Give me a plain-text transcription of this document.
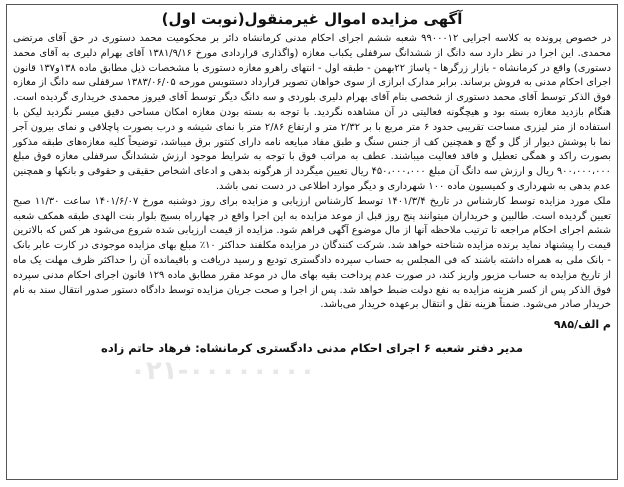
آگهی مزایده اموال غیرمنقول(نوبت اول)
در خصوص پرونده به کلاسه اجرایی ۹۹۰۰۰۱۲ شعبه ششم اجرای احکام مدنی کرمانشاه دائر بر محکومیت محمد دستوری در حق آقای مرتضی محمدی. این اجرا در نظر دارد سه دانگ از ششدانگ سرقفلی یکباب مغازه (واگذاری قراردادی مورخ ۱۳۸۱/۹/۱۶ آقای بهرام دلیری به آقای محمد دستوری) واقع در کرمانشاه - بازار زرگرها - پاساژ ۲۲بهمن - طبقه اول - انتهای راهرو مغازه دستوری با مشخصات ذیل مطابق ماده ۱۳۸و۱۳۷ قانون اجرای احکام مدنی به فروش برساند. برابر مدارک ابرازی از سوی خواهان تصویر قرارداد دستنویس مورخه ۱۳۸۳/۰۶/۰۵ سرقفلی سه دانگ از مغازه فوق الذکر توسط آقای محمد دستوری از شخصی بنام آقای بهرام دلیری بلوردی و سه دانگ دیگر توسط آقای فیروز محمدی خریداری گردیده است. هنگام بازدید مغازه بسته بود و هیچگونه فعالیتی در آن مشاهده نگردید. با توجه به بسته بودن مغازه امکان مساحی دقیق میسر نگردید لیکن با استفاده از متر لیزری مساحت تقریبی حدود ۶ متر مربع با بر ۲/۳۲ متر و ارتفاع ۲/۸۶ متر با نمای شیشه و درب بصورت پاچلاقی و نمای بیرون آجر نما با پوشش دیوار از گل و گچ و همچنین کف از جنس سنگ و طبق مفاد مبایعه نامه دارای کنتور برق میباشد، توضیحاً کلیه مغازه‌های طبقه مذکور بصورت راکد و همگی تعطیل و فاقد فعالیت میباشند. عطف به مراتب فوق با توجه به شرایط موجود ارزش ششدانگ سرقفلی مغازه فوق مبلغ ۹۰۰،۰۰۰،۰۰۰ ریال و ارزش سه دانگ آن مبلغ ۴۵۰،۰۰۰،۰۰۰ ریال تعیین میگردد از هرگونه بدهی و ادعای اشخاص حقیقی و حقوقی و بانکها و همچنین عدم بدهی به شهرداری و کمیسیون ماده ۱۰۰ شهرداری و دیگر موارد اطلاعی در دست نمی باشد.
ملک مورد مزایده توسط کارشناس در تاریخ ۱۴۰۱/۳/۴ توسط کارشناس ارزیابی و مزایده برای روز دوشنبه مورخ ۱۴۰۱/۶/۰۷ ساعت ۱۱/۳۰ صبح تعیین گردیده است. طالبین و خریداران میتوانند پنج روز قبل از موعد مزایده به این اجرا واقع در چهارراه بسیج بلوار بنت الهدی طبقه همکف شعبه ششم اجرای احکام مراجعه تا ترتیب ملاحظه آنها از مال موضوع آگهی فراهم شود. مزایده از قیمت ارزیابی شده شروع می‌شود هر کس که بالاترین قیمت را پیشنهاد نماید برنده مزایده شناخته خواهد شد. شرکت کنندگان در مزایده مکلفند حداکثر ۱۰٪ مبلغ بهای مزایده موجودی در کارت عابر بانک - بانک ملی به همراه داشته باشند که فی المجلس به حساب سپرده دادگستری تودیع و رسید دریافت و باقیمانده آن را حداکثر ظرف مهلت یک ماه از تاریخ مزایده به حساب مزبور واریز کند، در صورت عدم پرداخت بقیه بهای مال در موعد مقرر مطابق ماده ۱۲۹ قانون اجرای احکام مدنی سپرده فوق الذکر پس از کسر هزینه مزایده به نفع دولت ضبط خواهد شد. پس از اجرا و صحت جریان مزایده توسط دادگاه دستور صدور انتقال سند به نام خریدار صادر می‌شود. ضمناً هزینه نقل و انتقال برعهده خریدار می‌باشد.
م الف/۹۸۵
مدیر دفتر شعبه ۶ اجرای احکام مدنی دادگستری کرمانشاه: فرهاد حاتم زاده
۰۲۱-۰۰۰۰۰۰۰۰
